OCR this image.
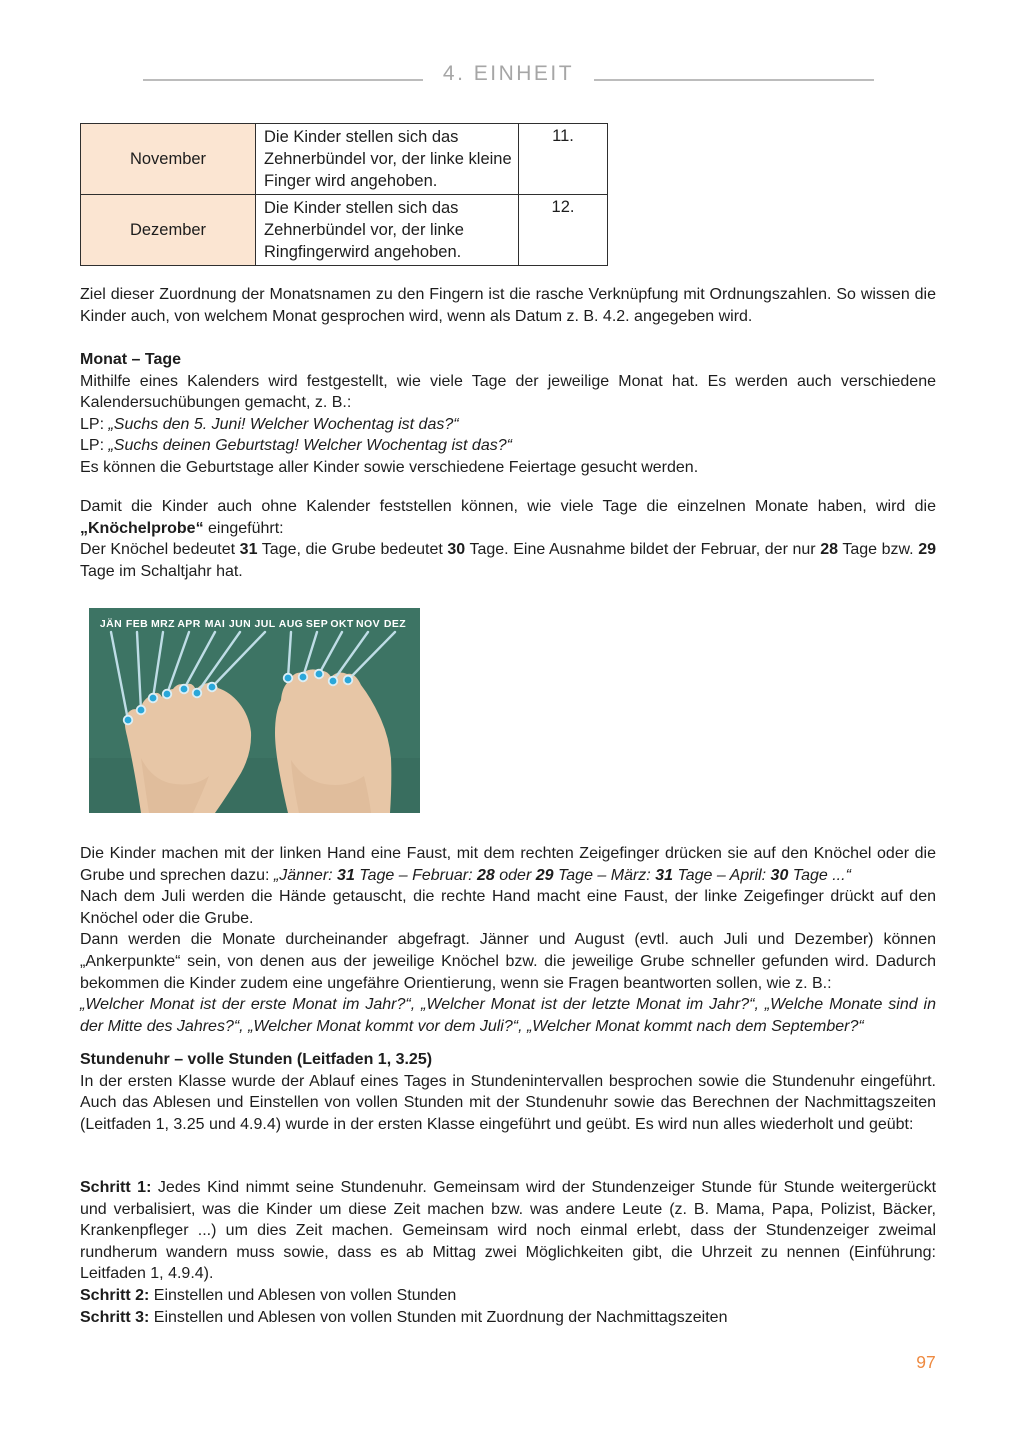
4. EINHEIT
November	Die Kinder stellen sich das Zehnerbündel vor, der linke kleine Finger wird angehoben.	11.
Dezember	Die Kinder stellen sich das Zehnerbündel vor, der linke Ringfingerwird angehoben.	12.

Ziel dieser Zuordnung der Monatsnamen zu den Fingern ist die rasche Verknüpfung mit Ordnungszahlen. So wissen die Kinder auch, von welchem Monat gesprochen wird, wenn als Datum z. B. 4.2. angegeben wird.

Monat – Tage

Mithilfe eines Kalenders wird festgestellt, wie viele Tage der jeweilige Monat hat. Es werden auch verschiedene Kalendersuchübungen gemacht, z. B.:

LP: „Suchs den 5. Juni! Welcher Wochentag ist das?“

LP: „Suchs deinen Geburtstag! Welcher Wochentag ist das?“

Es können die Geburtstage aller Kinder sowie verschiedene Feiertage gesucht werden.

Damit die Kinder auch ohne Kalender feststellen können, wie viele Tage die einzelnen Monate haben, wird die „Knöchelprobe“ eingeführt:

Der Knöchel bedeutet 31 Tage, die Grube bedeutet 30 Tage. Eine Ausnahme bildet der Februar, der nur 28 Tage bzw. 29 Tage im Schaltjahr hat.

JÄN FEB MRZ APR MAI JUN JUL AUG SEP OKT NOV DEZ

Die Kinder machen mit der linken Hand eine Faust, mit dem rechten Zeigefinger drücken sie auf den Knöchel oder die Grube und sprechen dazu: „Jänner: 31 Tage – Februar: 28 oder 29 Tage – März: 31 Tage – April: 30 Tage ...“

Nach dem Juli werden die Hände getauscht, die rechte Hand macht eine Faust, der linke Zeigefinger drückt auf den Knöchel oder die Grube.

Dann werden die Monate durcheinander abgefragt. Jänner und August (evtl. auch Juli und Dezember) können „Ankerpunkte“ sein, von denen aus der jeweilige Knöchel bzw. die jeweilige Grube schneller gefunden wird. Dadurch bekommen die Kinder zudem eine ungefähre Orientierung, wenn sie Fragen beantworten sollen, wie z. B.:

„Welcher Monat ist der erste Monat im Jahr?“, „Welcher Monat ist der letzte Monat im Jahr?“, „Welche Monate sind in der Mitte des Jahres?“, „Welcher Monat kommt vor dem Juli?“, „Welcher Monat kommt nach dem September?“

Stundenuhr – volle Stunden (Leitfaden 1, 3.25)

In der ersten Klasse wurde der Ablauf eines Tages in Stundenintervallen besprochen sowie die Stundenuhr eingeführt. Auch das Ablesen und Einstellen von vollen Stunden mit der Stundenuhr sowie das Berechnen der Nachmittagszeiten (Leitfaden 1, 3.25 und 4.9.4) wurde in der ersten Klasse eingeführt und geübt. Es wird nun alles wiederholt und geübt:

Schritt 1: Jedes Kind nimmt seine Stundenuhr. Gemeinsam wird der Stundenzeiger Stunde für Stunde weitergerückt und verbalisiert, was die Kinder um diese Zeit machen bzw. was andere Leute (z. B. Mama, Papa, Polizist, Bäcker, Krankenpfleger ...) um dies Zeit machen. Gemeinsam wird noch einmal erlebt, dass der Stundenzeiger zweimal rundherum wandern muss sowie, dass es ab Mittag zwei Möglichkeiten gibt, die Uhrzeit zu nennen (Einführung: Leitfaden 1, 4.9.4).

Schritt 2: Einstellen und Ablesen von vollen Stunden

Schritt 3: Einstellen und Ablesen von vollen Stunden mit Zuordnung der Nachmittagszeiten

97
